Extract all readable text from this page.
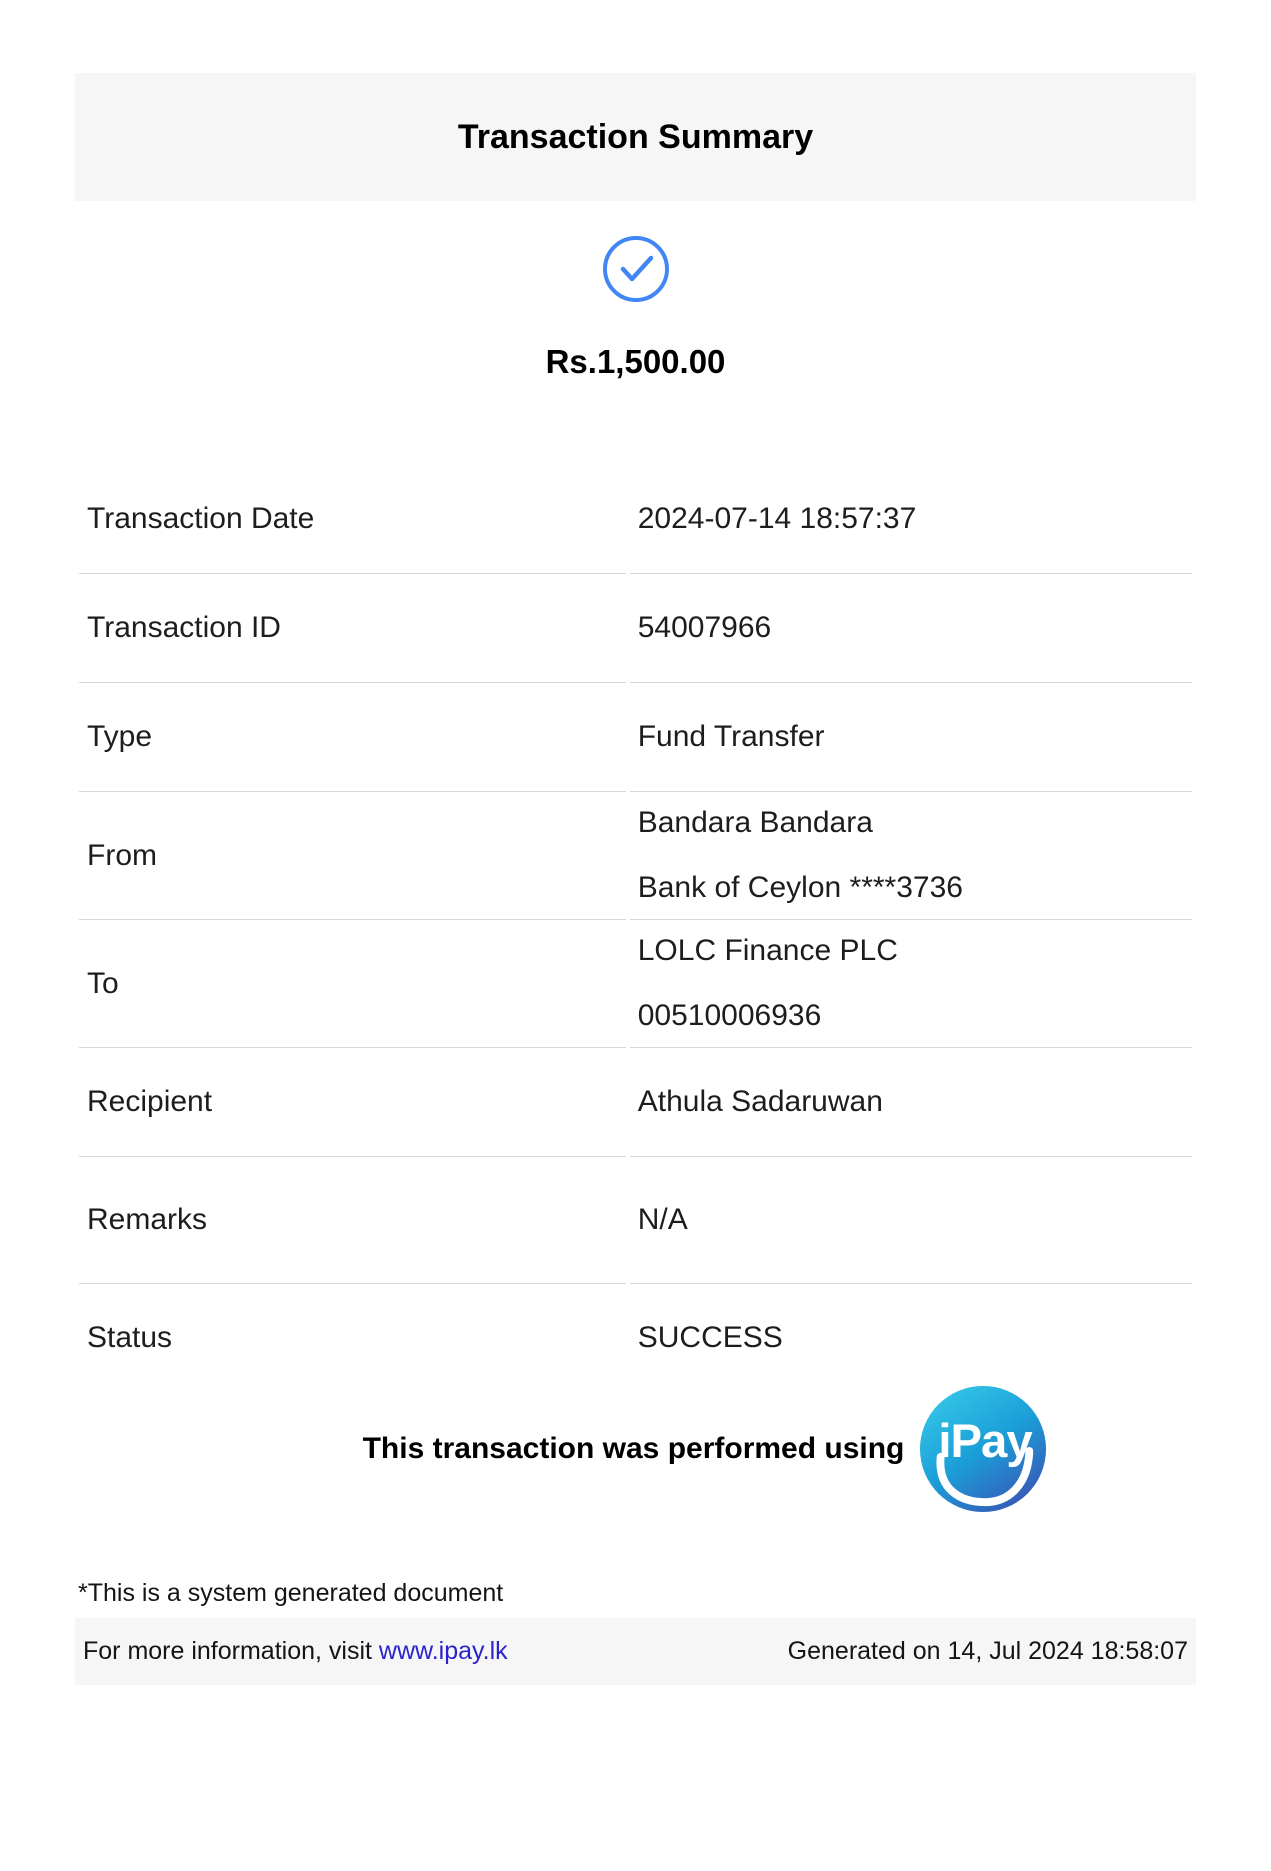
Transaction Summary
Rs.1,500.00
Transaction Date	2024-07-14 18:57:37
Transaction ID	54007966
Type	Fund Transfer
From	Bandara Bandara
Bank of Ceylon ****3736

To	LOLC Finance PLC
00510006936

Recipient	Athula Sadaruwan
Remarks	N/A
Status	SUCCESS
This transaction was performed using iPay
*This is a system generated document
For more information, visit www.ipay.lk	Generated on 14, Jul 2024 18:58:07
